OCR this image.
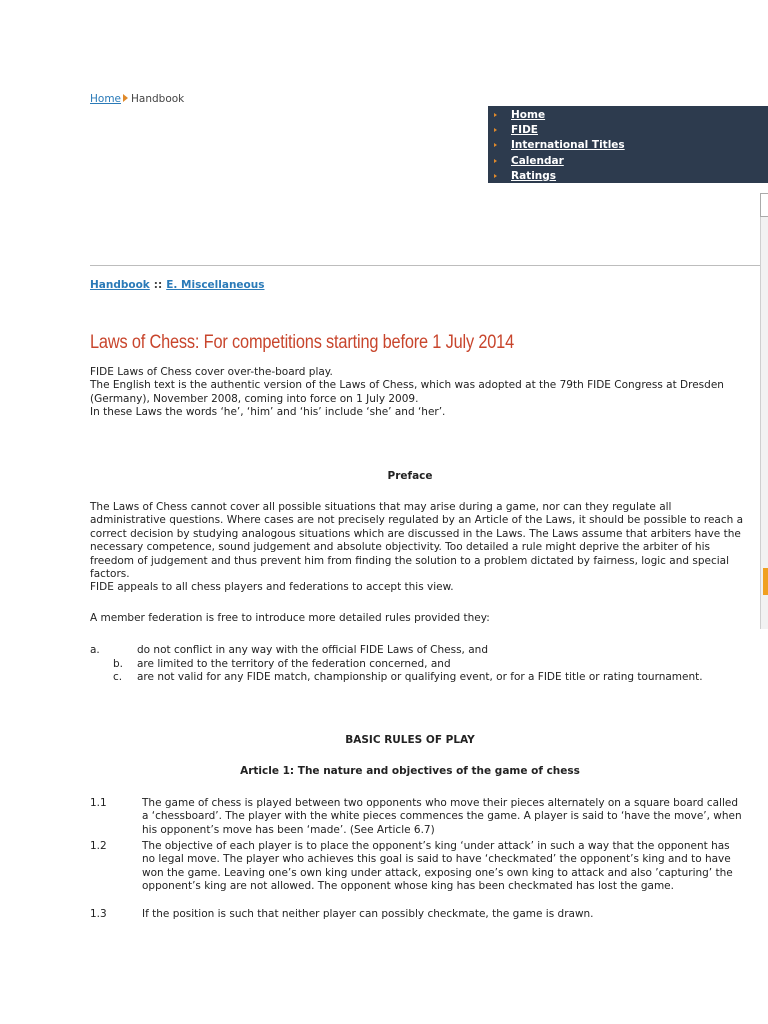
Home Handbook
Home
FIDE
International Titles
Calendar
Ratings
Handbook :: E. Miscellaneous
Laws of Chess: For competitions starting before 1 July 2014

FIDE Laws of Chess cover over-the-board play.

The English text is the authentic version of the Laws of Chess, which was adopted at the 79th FIDE Congress at Dresden (Germany), November 2008, coming into force on 1 July 2009.

In these Laws the words ‘he’, ‘him’ and ‘his’ include ‘she’ and ‘her’.

Preface

The Laws of Chess cannot cover all possible situations that may arise during a game, nor can they regulate all administrative questions. Where cases are not precisely regulated by an Article of the Laws, it should be possible to reach a correct decision by studying analogous situations which are discussed in the Laws. The Laws assume that arbiters have the necessary competence, sound judgement and absolute objectivity. Too detailed a rule might deprive the arbiter of his freedom of judgement and thus prevent him from finding the solution to a problem dictated by fairness, logic and special factors.

FIDE appeals to all chess players and federations to accept this view.

A member federation is free to introduce more detailed rules provided they:
a.	do not conflict in any way with the official FIDE Laws of Chess, and
b. are limited to the territory of the federation concerned, and
c. are not valid for any FIDE match, championship or qualifying event, or for a FIDE title or rating tournament.
BASIC RULES OF PLAY
Article 1: The nature and objectives of the game of chess
1.1	The game of chess is played between two opponents who move their pieces alternately on a square board called a ‘chessboard’. The player with the white pieces commences the game. A player is said to ‘have the move’, when his opponent’s move has been ‘made’. (See Article 6.7)
1.2	The objective of each player is to place the opponent’s king ‘under attack’ in such a way that the opponent has no legal move. The player who achieves this goal is said to have ‘checkmated’ the opponent’s king and to have won the game. Leaving one’s own king under attack, exposing one’s own king to attack and also ’capturing’ the opponent’s king are not allowed. The opponent whose king has been checkmated has lost the game.
1.3	If the position is such that neither player can possibly checkmate, the game is drawn.
